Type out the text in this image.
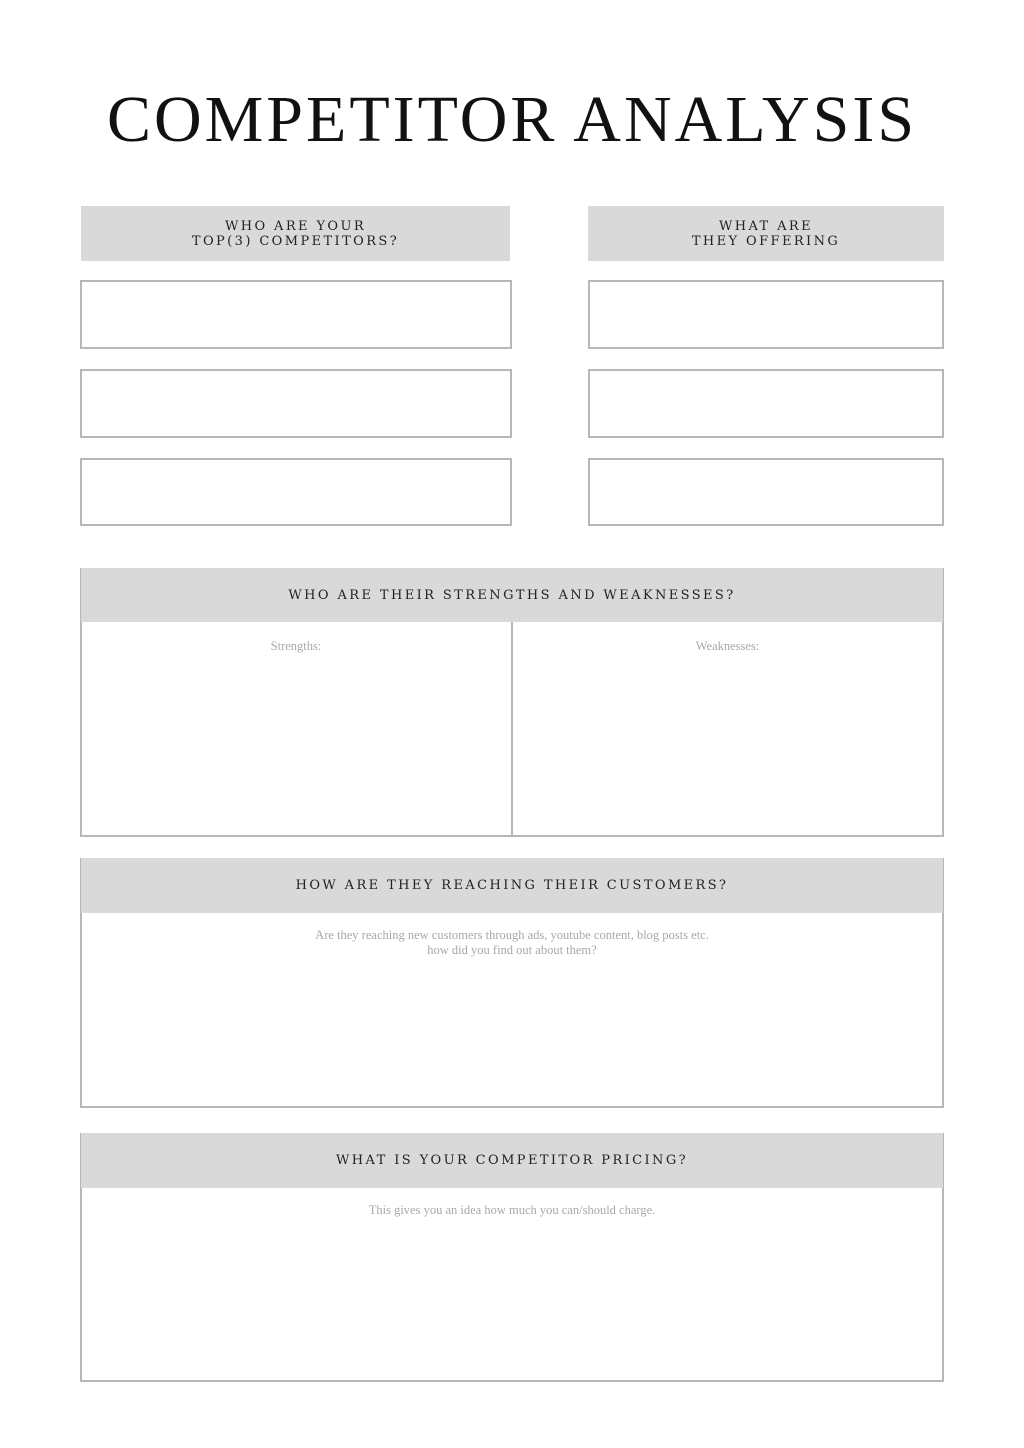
COMPETITOR ANALYSIS
WHO ARE YOUR
TOP(3) COMPETITORS?
WHAT ARE
THEY OFFERING
WHO ARE THEIR STRENGTHS AND WEAKNESSES?
Strengths:	Weaknesses:
HOW ARE THEY REACHING THEIR CUSTOMERS?
Are they reaching new customers through ads, youtube content, blog posts etc.
how did you find out about them?
WHAT IS YOUR COMPETITOR PRICING?
This gives you an idea how much you can/should charge.
